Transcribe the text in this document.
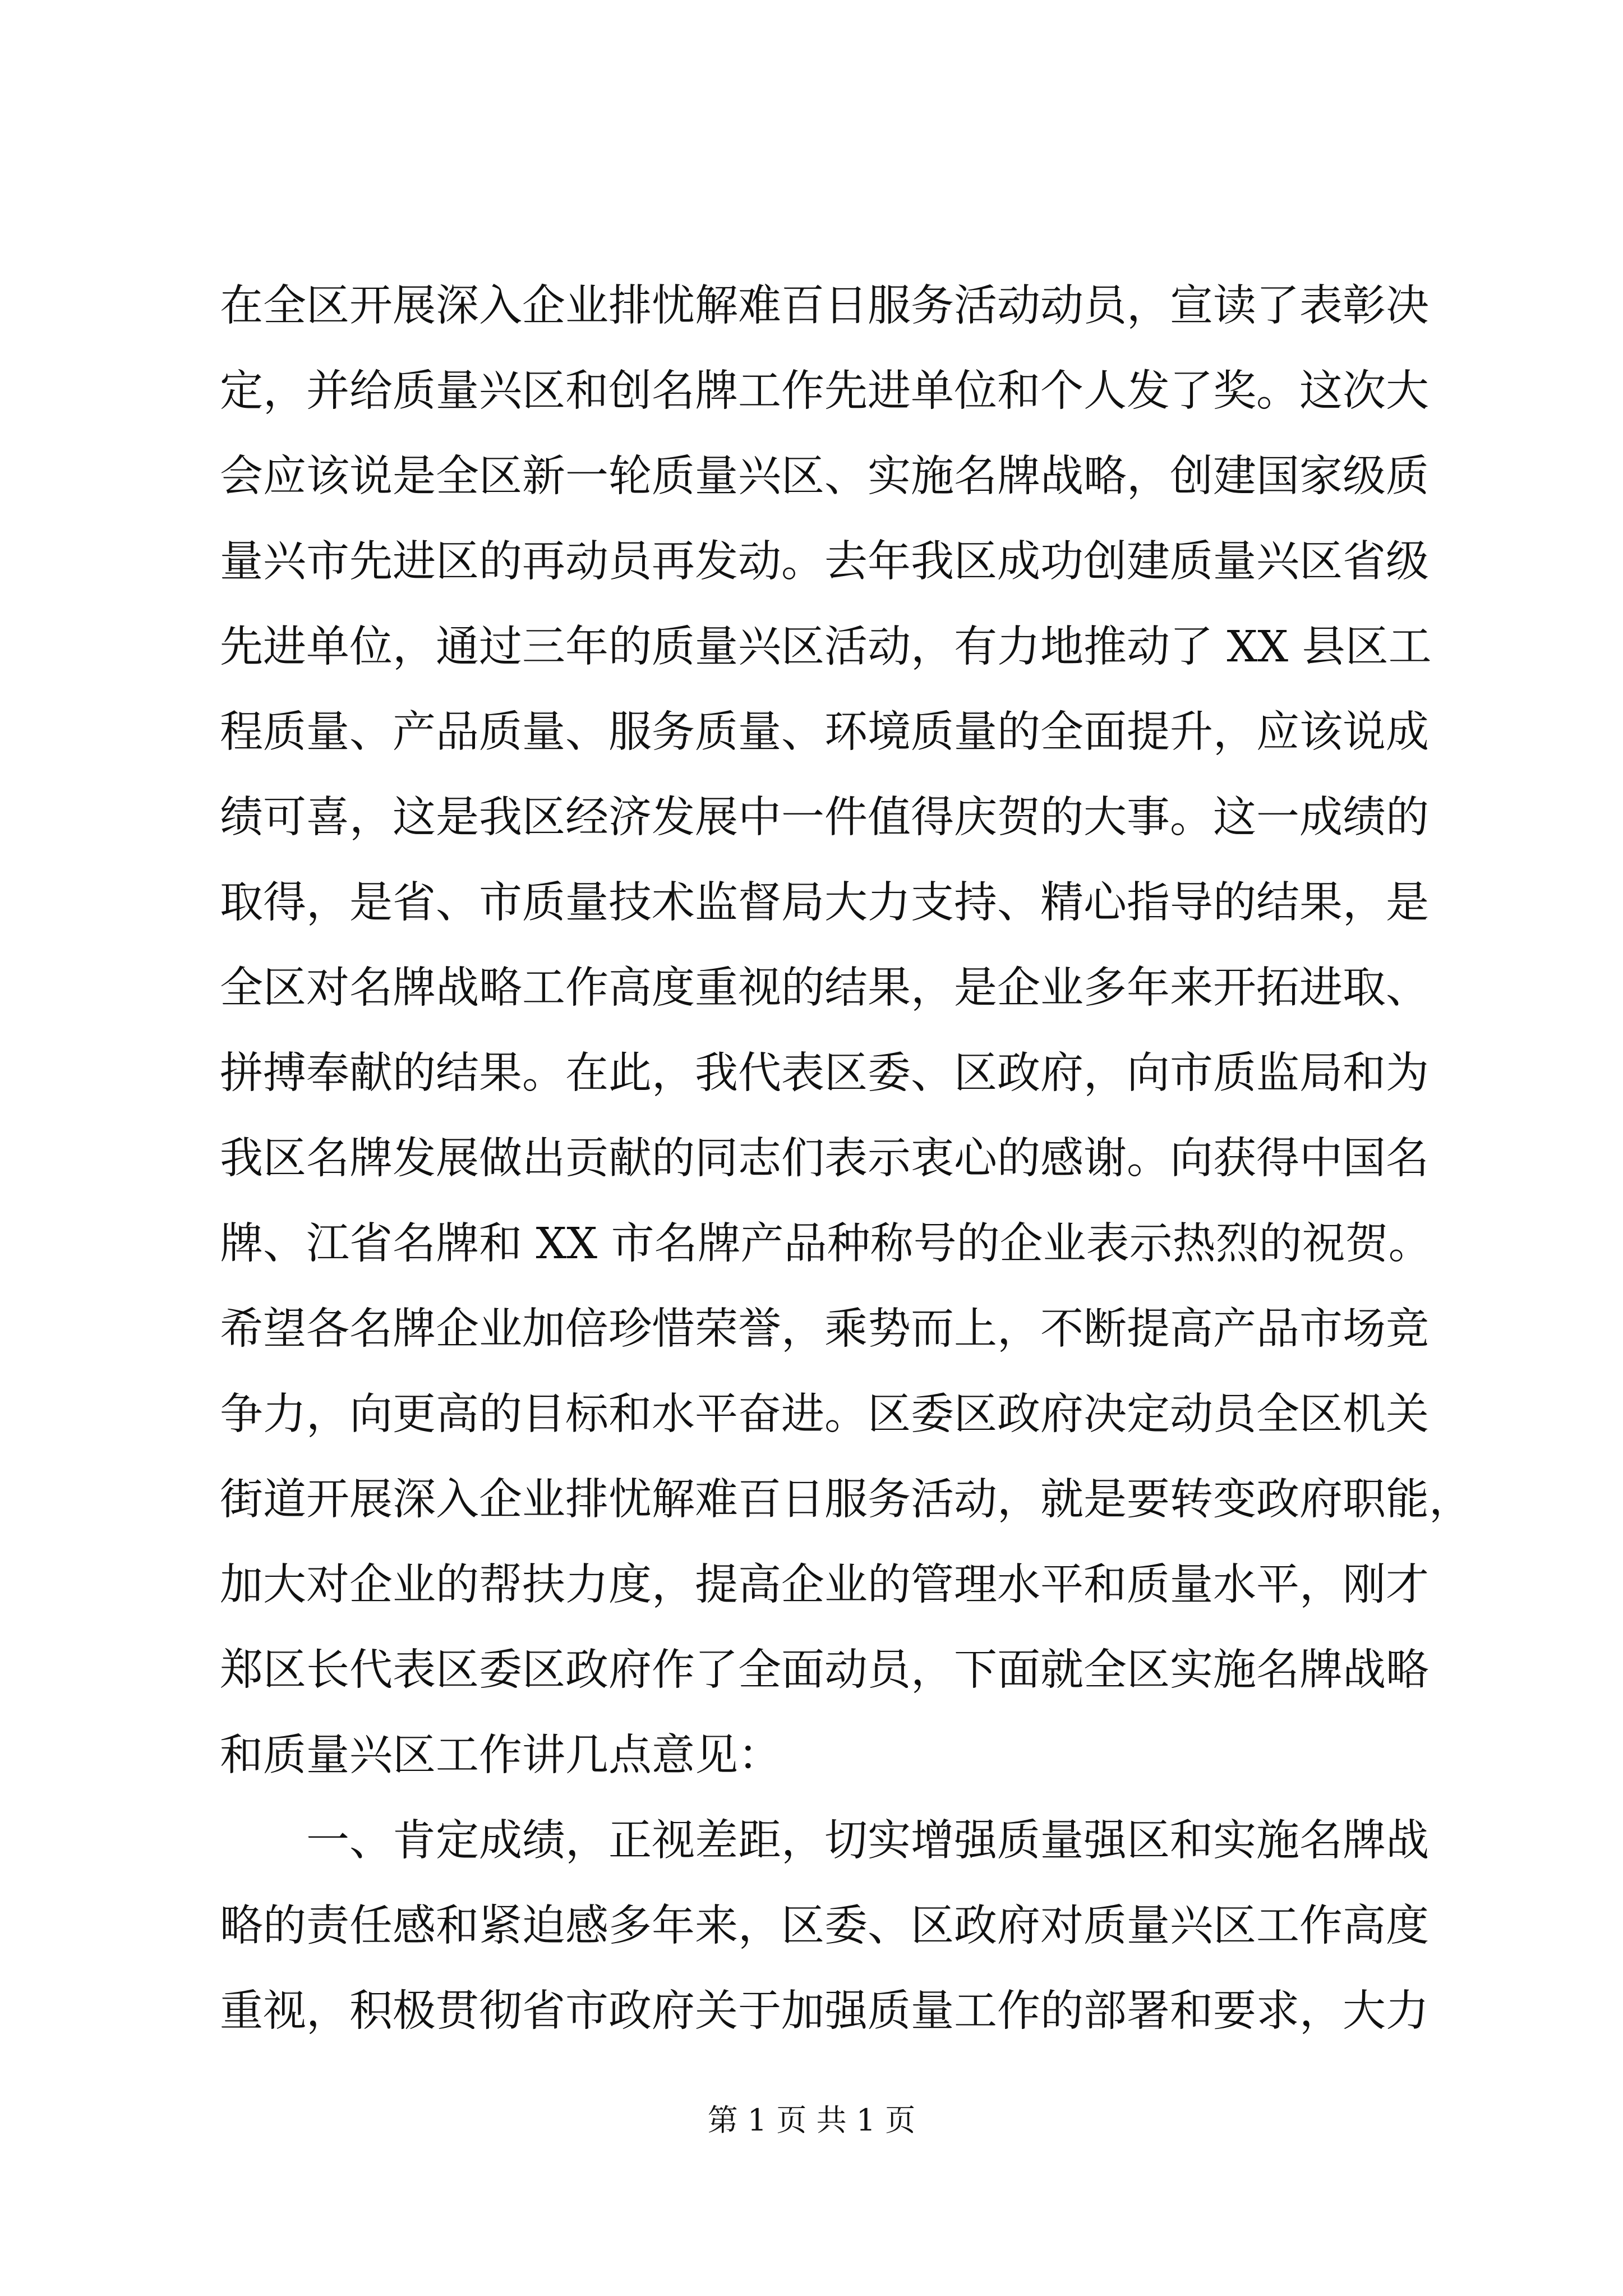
在全区开展深入企业排忧解难百日服务活动动员，宣读了表彰决
定，并给质量兴区和创名牌工作先进单位和个人发了奖。这次大
会应该说是全区新一轮质量兴区、实施名牌战略，创建国家级质
量兴市先进区的再动员再发动。去年我区成功创建质量兴区省级
先进单位，通过三年的质量兴区活动，有力地推动了 XX 县区工
程质量、产品质量、服务质量、环境质量的全面提升，应该说成
绩可喜，这是我区经济发展中一件值得庆贺的大事。这一成绩的
取得，是省、市质量技术监督局大力支持、精心指导的结果，是
全区对名牌战略工作高度重视的结果，是企业多年来开拓进取、
拼搏奉献的结果。在此，我代表区委、区政府，向市质监局和为
我区名牌发展做出贡献的同志们表示衷心的感谢。向获得中国名
牌、江省名牌和 XX 市名牌产品种称号的企业表示热烈的祝贺。
希望各名牌企业加倍珍惜荣誉，乘势而上，不断提高产品市场竞
争力，向更高的目标和水平奋进。区委区政府决定动员全区机关
街道开展深入企业排忧解难百日服务活动，就是要转变政府职能，
加大对企业的帮扶力度，提高企业的管理水平和质量水平，刚才
郑区长代表区委区政府作了全面动员，下面就全区实施名牌战略
和质量兴区工作讲几点意见：
一、肯定成绩，正视差距，切实增强质量强区和实施名牌战
略的责任感和紧迫感多年来，区委、区政府对质量兴区工作高度
重视，积极贯彻省市政府关于加强质量工作的部署和要求，大力
第 1 页 共 1 页
